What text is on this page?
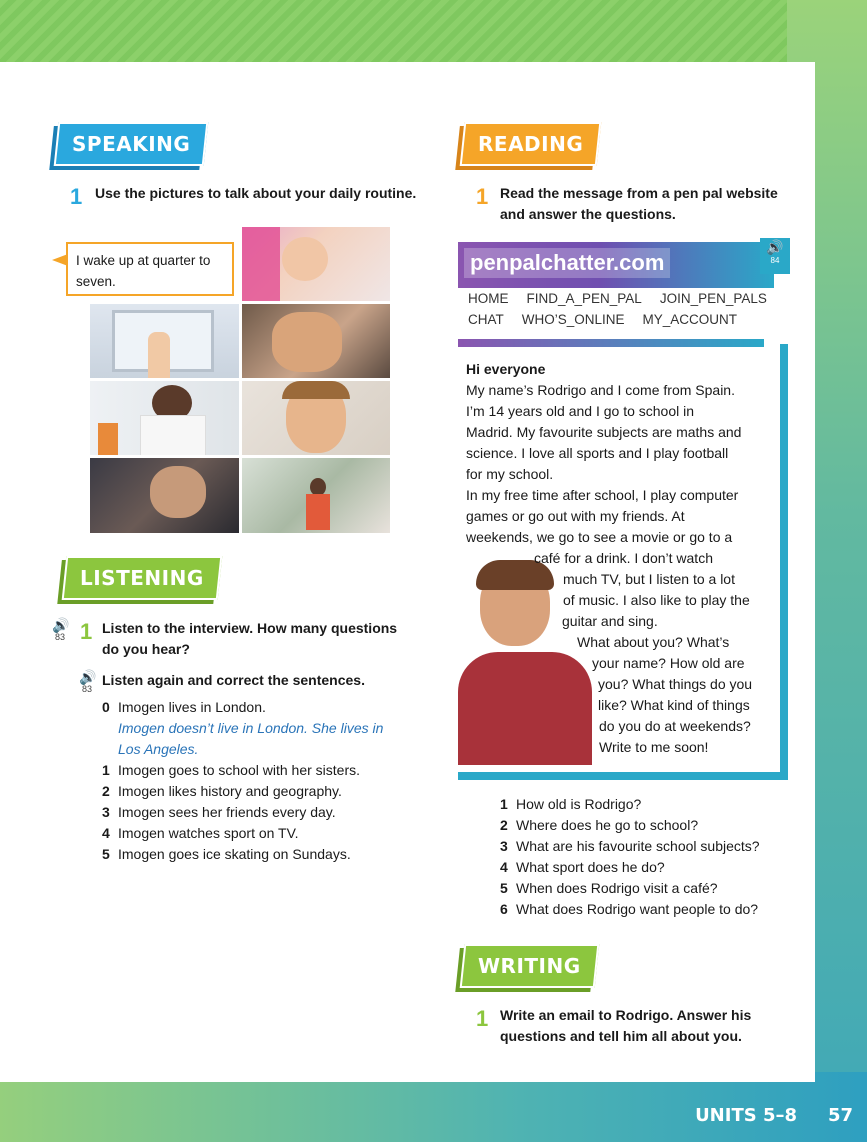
SPEAKING
1 Use the pictures to talk about your daily routine.
I wake up at quarter to seven.
LISTENING
🔊
83 1 Listen to the interview. How many questions do you hear?
🔊
83
Listen again and correct the sentences.
0 Imogen lives in London.
Imogen doesn’t live in London. She lives in Los Angeles.
1 Imogen goes to school with her sisters.
2 Imogen likes history and geography.
3 Imogen sees her friends every day.
4 Imogen watches sport on TV.
5 Imogen goes ice skating on Sundays.
READING
1 Read the message from a pen pal website and answer the questions.
penpalchatter.com
🔊
84
HOME FIND_A_PEN_PAL JOIN_PEN_PALS
CHAT WHO’S_ONLINE MY_ACCOUNT
Hi everyone
My name’s Rodrigo and I come from Spain.
I’m 14 years old and I go to school in
Madrid. My favourite subjects are maths and
science. I love all sports and I play football
for my school.
In my free time after school, I play computer
games or go out with my friends. At
weekends, we go to see a movie or go to a
café for a drink. I don’t watch
much TV, but I listen to a lot
of music. I also like to play the
guitar and sing.
What about you? What’s
your name? How old are
you? What things do you
like? What kind of things
do you do at weekends?
Write to me soon!
1 How old is Rodrigo?
2 Where does he go to school?
3 What are his favourite school subjects?
4 What sport does he do?
5 When does Rodrigo visit a café?
6 What does Rodrigo want people to do?
WRITING
1 Write an email to Rodrigo. Answer his questions and tell him all about you.
UNITS 5–8 57
